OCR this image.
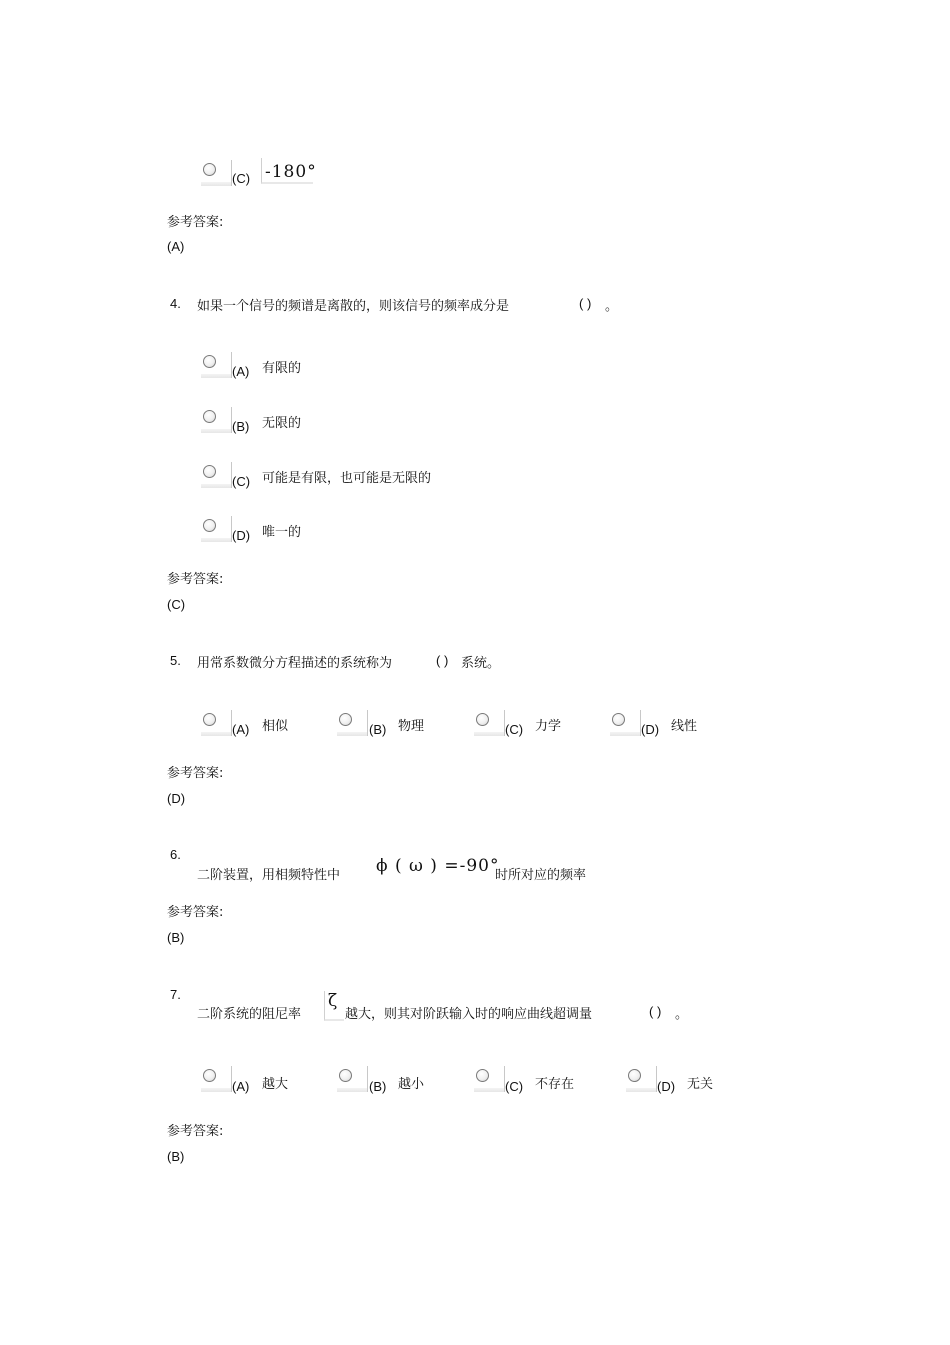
(C) -180°
参考答案:
(A)
4. 如果一个信号的频谱是离散的，则该信号的频率成分是	( ) 。
(A) 有限的
(B) 无限的
(C) 可能是有限，也可能是无限的
(D) 唯一的
参考答案:
(C)
5. 用常系数微分方程描述的系统称为	( ) 系统。
(A) 相似	(B) 物理	(C) 力学	(D) 线性
参考答案:
(D)
6.
二阶装置，用相频特性中 ϕ ( ω ) =-90°
时所对应的频率
参考答案:
(B)
7.
二阶系统的阻尼率
ζ
越大，则其对阶跃输入时的响应曲线超调量	( ) 。
(A) 越大	(B) 越小	(C) 不存在	(D) 无关
参考答案:
(B)
